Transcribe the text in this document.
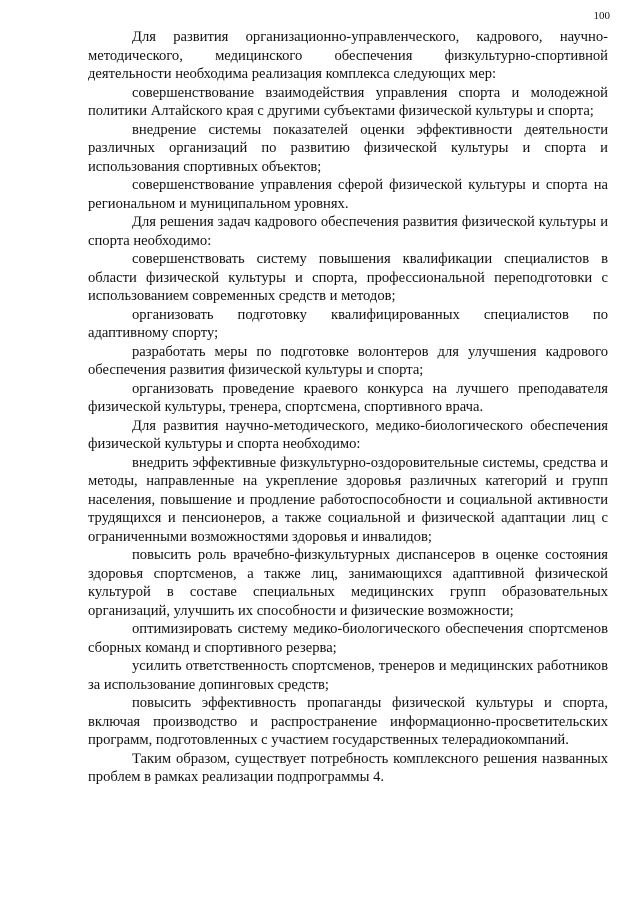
100

Для развития организационно-управленческого, кадрового, научно-методического, медицинского обеспечения физкультурно-спортивной деятельности необходима реализация комплекса следующих мер:

совершенствование взаимодействия управления спорта и молодежной политики Алтайского края с другими субъектами физической культуры и спорта;

внедрение системы показателей оценки эффективности деятельности различных организаций по развитию физической культуры и спорта и использования спортивных объектов;

совершенствование управления сферой физической культуры и спорта на региональном и муниципальном уровнях.

Для решения задач кадрового обеспечения развития физической культуры и спорта необходимо:

совершенствовать систему повышения квалификации специалистов в области физической культуры и спорта, профессиональной переподготовки с использованием современных средств и методов;

организовать подготовку квалифицированных специалистов по адаптивному спорту;

разработать меры по подготовке волонтеров для улучшения кадрового обеспечения развития физической культуры и спорта;

организовать проведение краевого конкурса на лучшего преподавателя физической культуры, тренера, спортсмена, спортивного врача.

Для развития научно-методического, медико-биологического обеспечения физической культуры и спорта необходимо:

внедрить эффективные физкультурно-оздоровительные системы, средства и методы, направленные на укрепление здоровья различных категорий и групп населения, повышение и продление работоспособности и социальной активности трудящихся и пенсионеров, а также социальной и физической адаптации лиц с ограниченными возможностями здоровья и инвалидов;

повысить роль врачебно-физкультурных диспансеров в оценке состояния здоровья спортсменов, а также лиц, занимающихся адаптивной физической культурой в составе специальных медицинских групп образовательных организаций, улучшить их способности и физические возможности;

оптимизировать систему медико-биологического обеспечения спортсменов сборных команд и спортивного резерва;

усилить ответственность спортсменов, тренеров и медицинских работников за использование допинговых средств;

повысить эффективность пропаганды физической культуры и спорта, включая производство и распространение информационно-просветительских программ, подготовленных с участием государственных телерадиокомпаний.

Таким образом, существует потребность комплексного решения названных проблем в рамках реализации подпрограммы 4.
